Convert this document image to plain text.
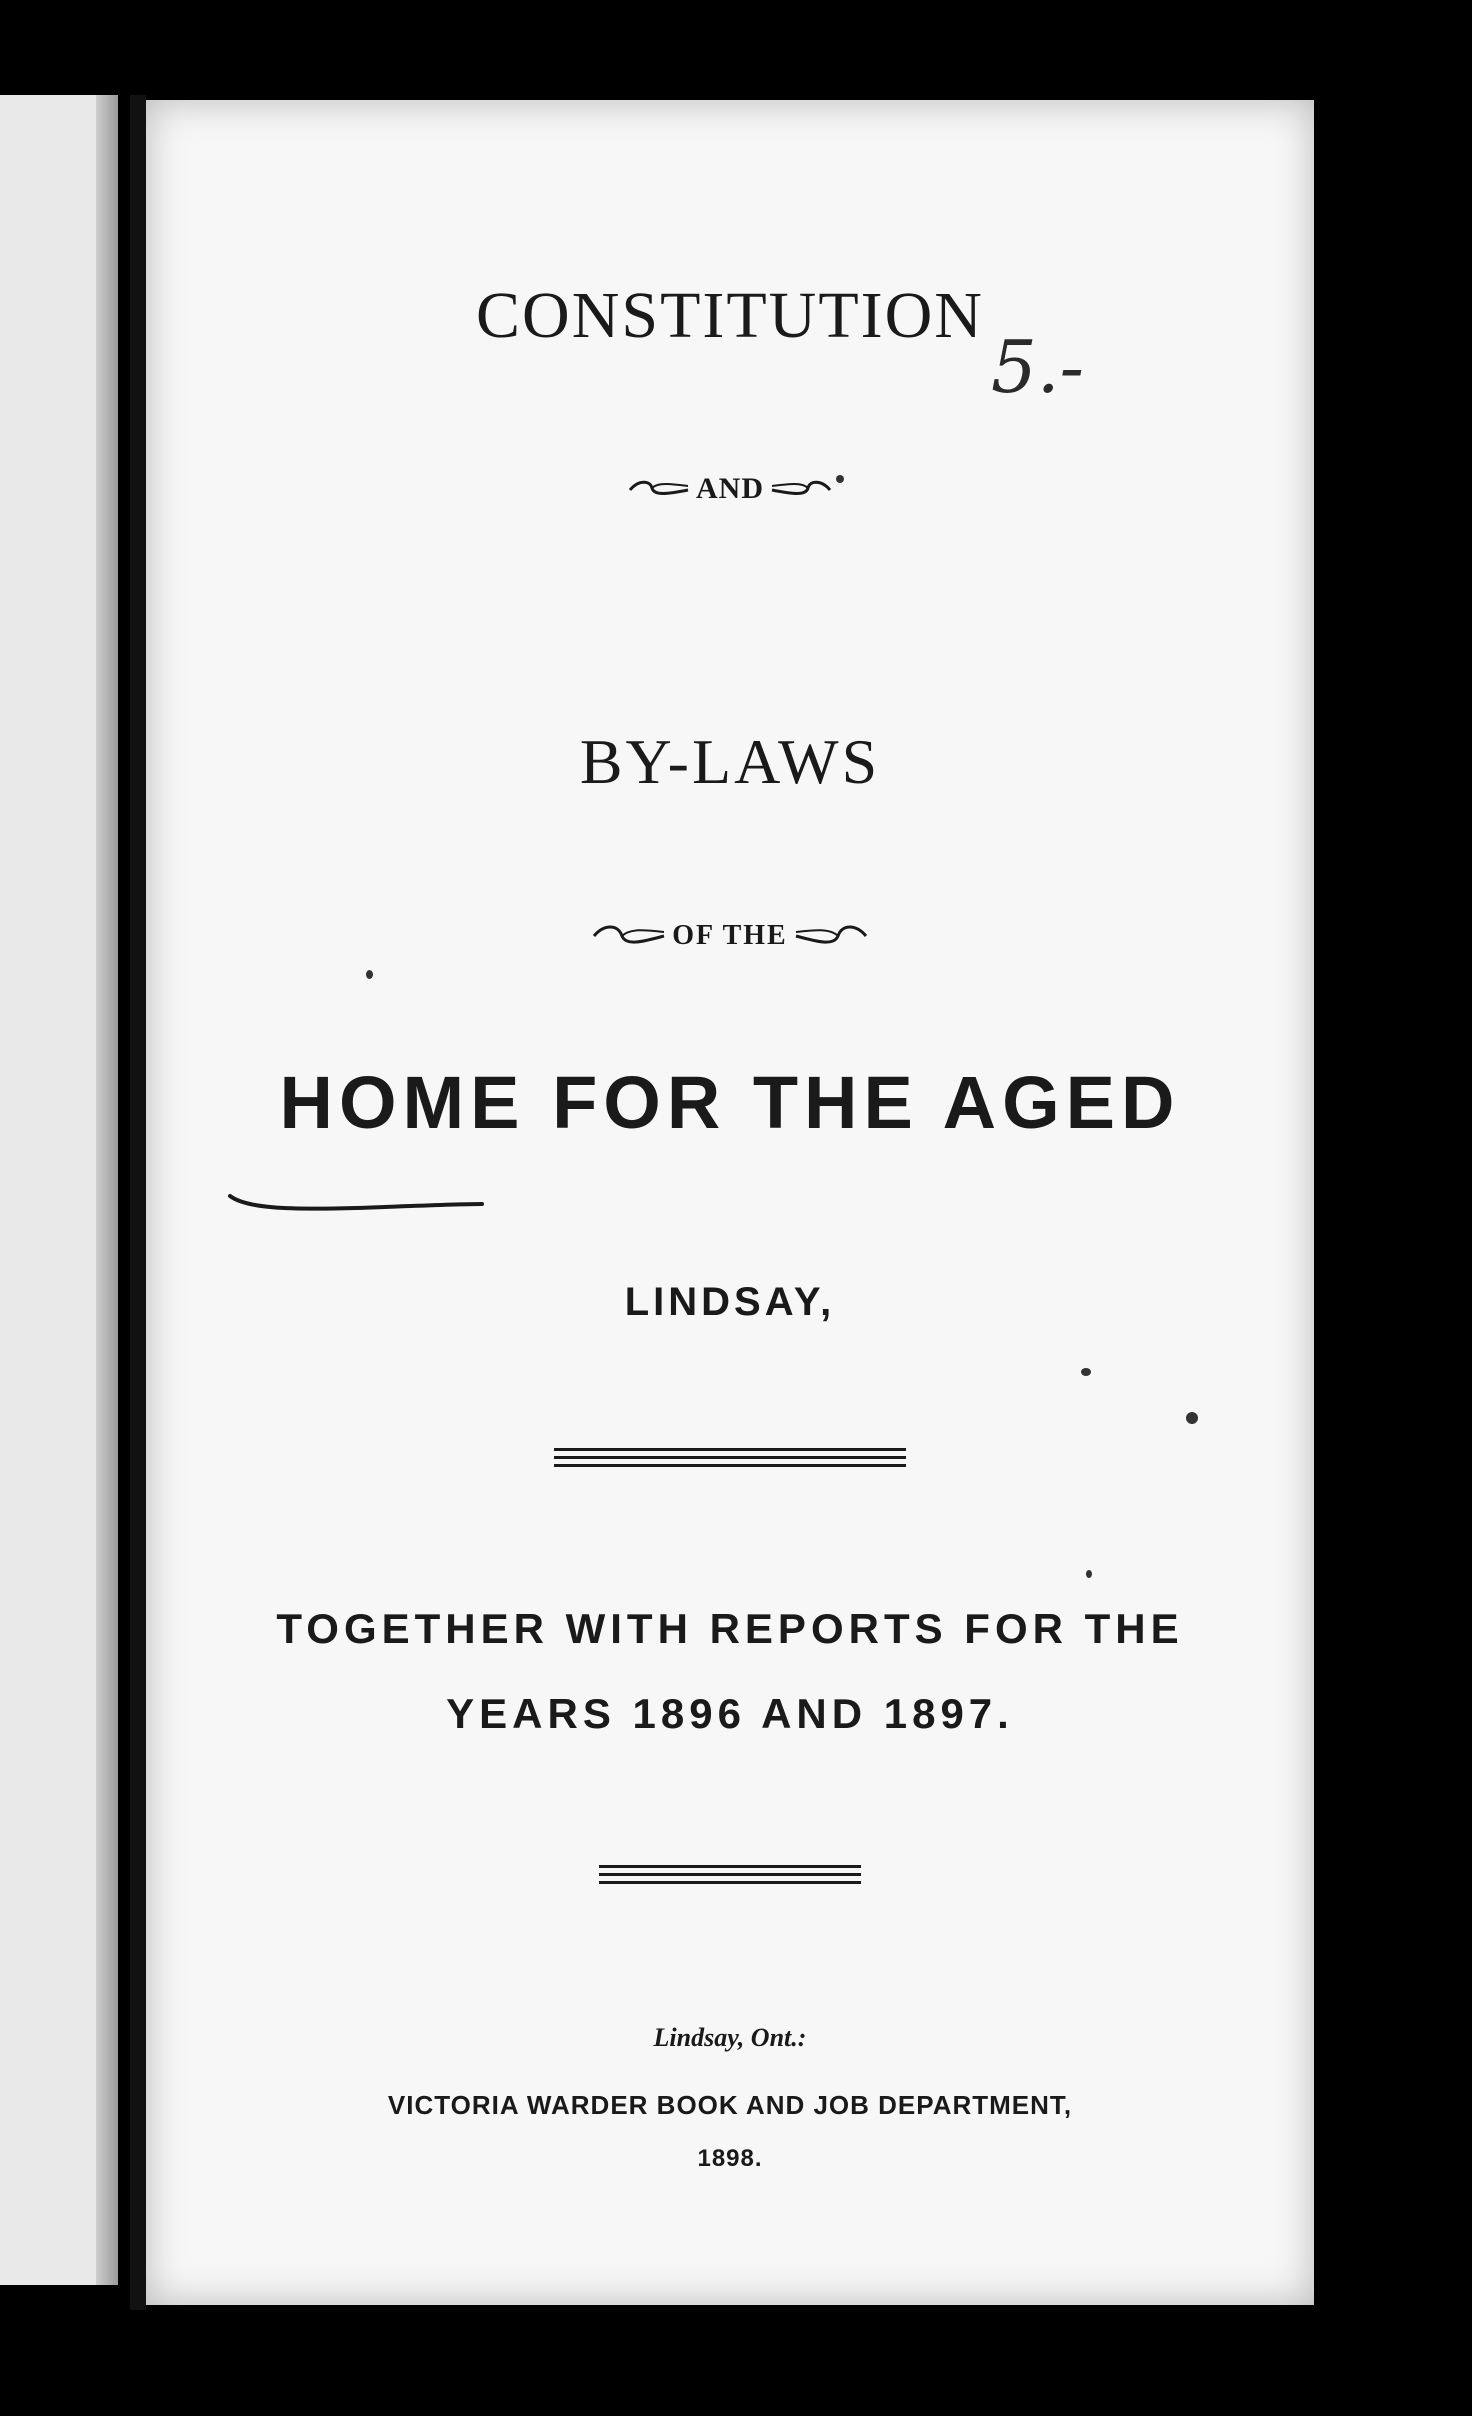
5.-
CONSTITUTION
AND
BY-LAWS
OF THE
HOME FOR THE AGED
LINDSAY,
TOGETHER WITH REPORTS FOR THE
YEARS 1896 AND 1897.
Lindsay, Ont.:
VICTORIA WARDER BOOK AND JOB DEPARTMENT,
1898.
